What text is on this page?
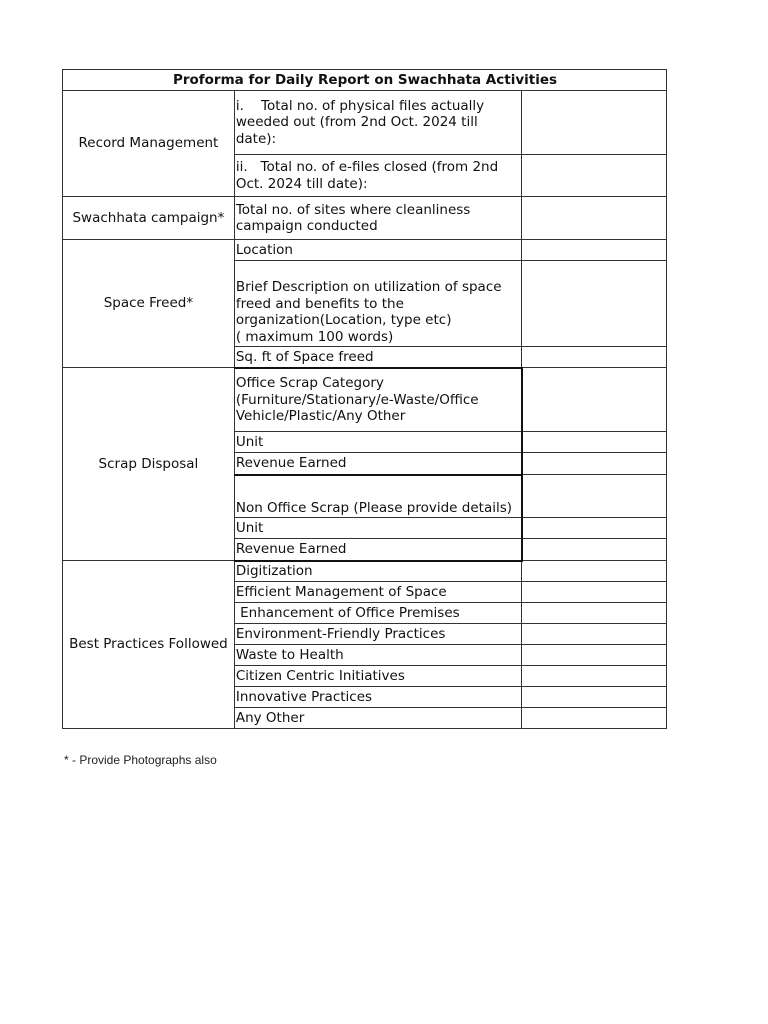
Proforma for Daily Report on Swachhata Activities		
Record Management	i.    Total no. of physical files actually weeded out (from 2nd Oct. 2024 till date):	
	ii.   Total no. of e-files closed (from 2nd Oct. 2024 till date):	
Swachhata campaign*	Total no. of sites where cleanliness campaign conducted	
Space Freed*	Location	

	Brief Description on utilization of space freed and benefits to the organization(Location, type etc)
( maximum 100 words)	

	Sq. ft of Space freed	
Scrap Disposal	Office Scrap Category (Furniture/Stationary/e-Waste/Office Vehicle/Plastic/Any Other	
	Unit	
	Revenue Earned	
	Non Office Scrap (Please provide details)	
	Unit	
	Revenue Earned	
Best Practices Followed	Digitization	
	Efficient Management of Space	
	Enhancement of Office Premises	
	Environment-Friendly Practices	
	Waste to Health	
	Citizen Centric Initiatives	
	Innovative Practices	
	Any Other	
* - Provide Photographs also
